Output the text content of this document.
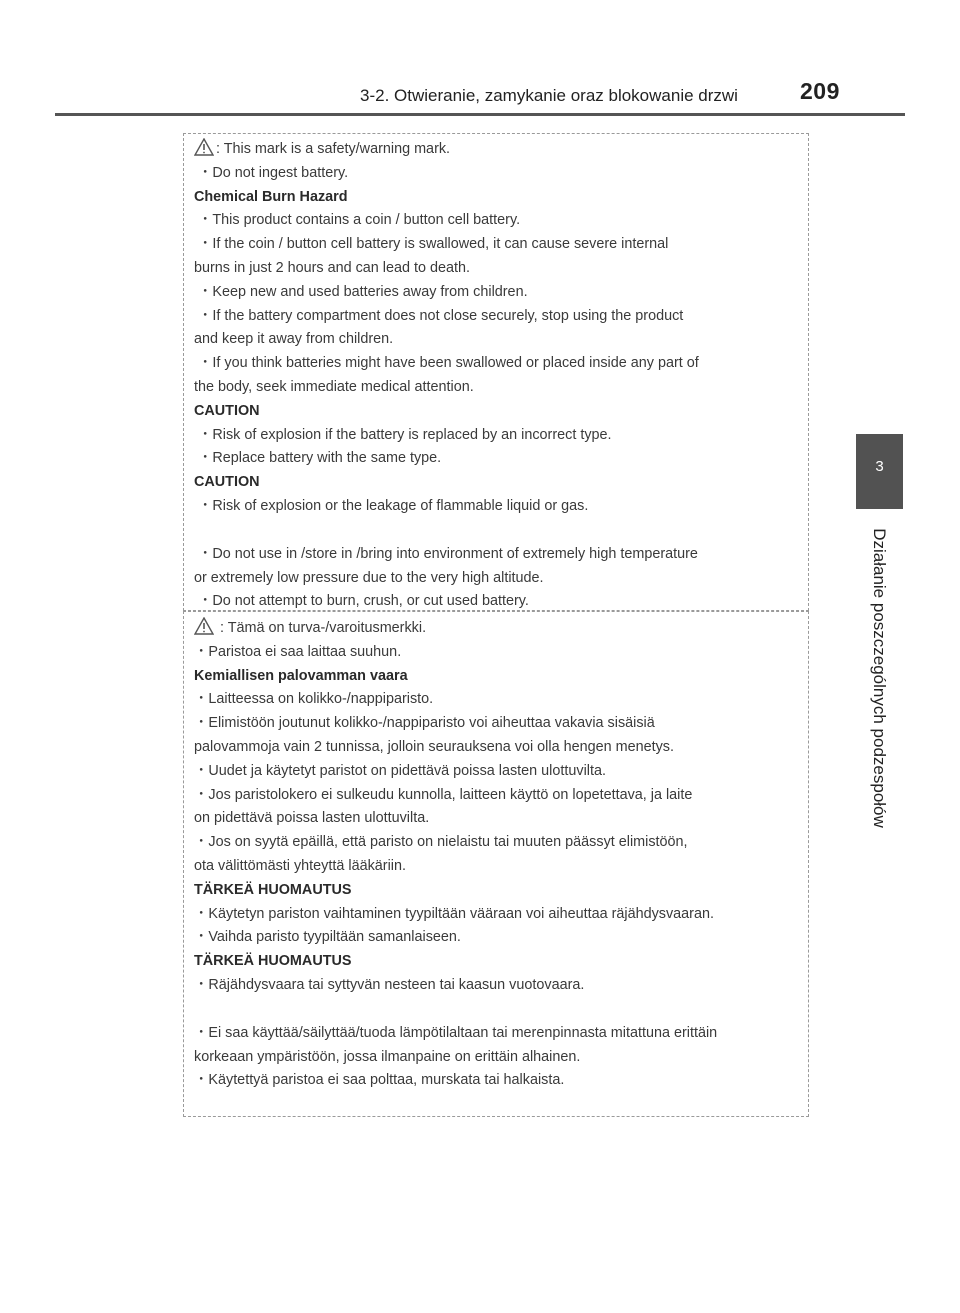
3-2. Otwieranie, zamykanie oraz blokowanie drzwi	209
3
Działanie poszczególnych podzespołów
: This mark is a safety/warning mark.
・Do not ingest battery.
Chemical Burn Hazard
・This product contains a coin / button cell battery.
・If the coin / button cell battery is swallowed, it can cause severe internal
burns in just 2 hours and can lead to death.
・Keep new and used batteries away from children.
・If the battery compartment does not close securely, stop using the product
and keep it away from children.
・If you think batteries might have been swallowed or placed inside any part of
the body, seek immediate medical attention.
CAUTION
・Risk of explosion if the battery is replaced by an incorrect type.
・Replace battery with the same type.
CAUTION
・Risk of explosion or the leakage of flammable liquid or gas.
・Do not use in /store in /bring into environment of extremely high temperature
or extremely low pressure due to the very high altitude.
・Do not attempt to burn, crush, or cut used battery.
: Tämä on turva-/varoitusmerkki.
・Paristoa ei saa laittaa suuhun.
Kemiallisen palovamman vaara
・Laitteessa on kolikko-/nappiparisto.
・Elimistöön joutunut kolikko-/nappiparisto voi aiheuttaa vakavia sisäisiä
palovammoja vain 2 tunnissa, jolloin seurauksena voi olla hengen menetys.
・Uudet ja käytetyt paristot on pidettävä poissa lasten ulottuvilta.
・Jos paristolokero ei sulkeudu kunnolla, laitteen käyttö on lopetettava, ja laite
on pidettävä poissa lasten ulottuvilta.
・Jos on syytä epäillä, että paristo on nielaistu tai muuten päässyt elimistöön,
ota välittömästi yhteyttä lääkäriin.
TÄRKEÄ HUOMAUTUS
・Käytetyn pariston vaihtaminen tyypiltään vääraan voi aiheuttaa räjähdysvaaran.
・Vaihda paristo tyypiltään samanlaiseen.
TÄRKEÄ HUOMAUTUS
・Räjähdysvaara tai syttyvän nesteen tai kaasun vuotovaara.
・Ei saa käyttää/säilyttää/tuoda lämpötilaltaan tai merenpinnasta mitattuna erittäin
korkeaan ympäristöön, jossa ilmanpaine on erittäin alhainen.
・Käytettyä paristoa ei saa polttaa, murskata tai halkaista.
